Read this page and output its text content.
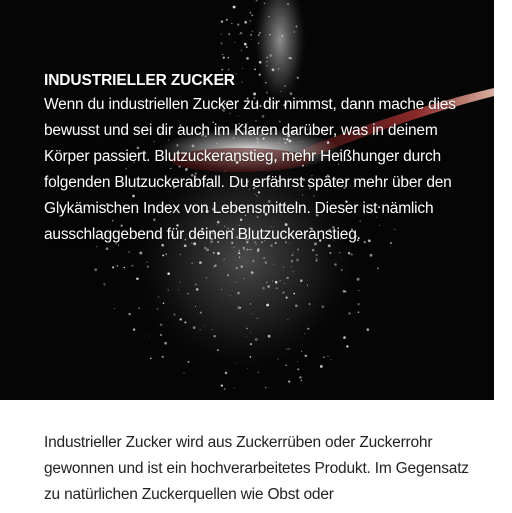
INDUSTRIELLER ZUCKER

Wenn du industriellen Zucker zu dir nimmst, dann mache dies bewusst und sei dir auch im Klaren darüber, was in deinem Körper passiert. Blutzuckeranstieg, mehr Heißhunger durch folgenden Blutzuckerabfall. Du erfährst später mehr über den Glykämischen Index von Lebensmitteln. Dieser ist nämlich ausschlaggebend für deinen Blutzuckeranstieg.

Industrieller Zucker wird aus Zuckerrüben oder Zuckerrohr gewonnen und ist ein hochverarbeitetes Produkt. Im Gegensatz zu natürlichen Zuckerquellen wie Obst oder
